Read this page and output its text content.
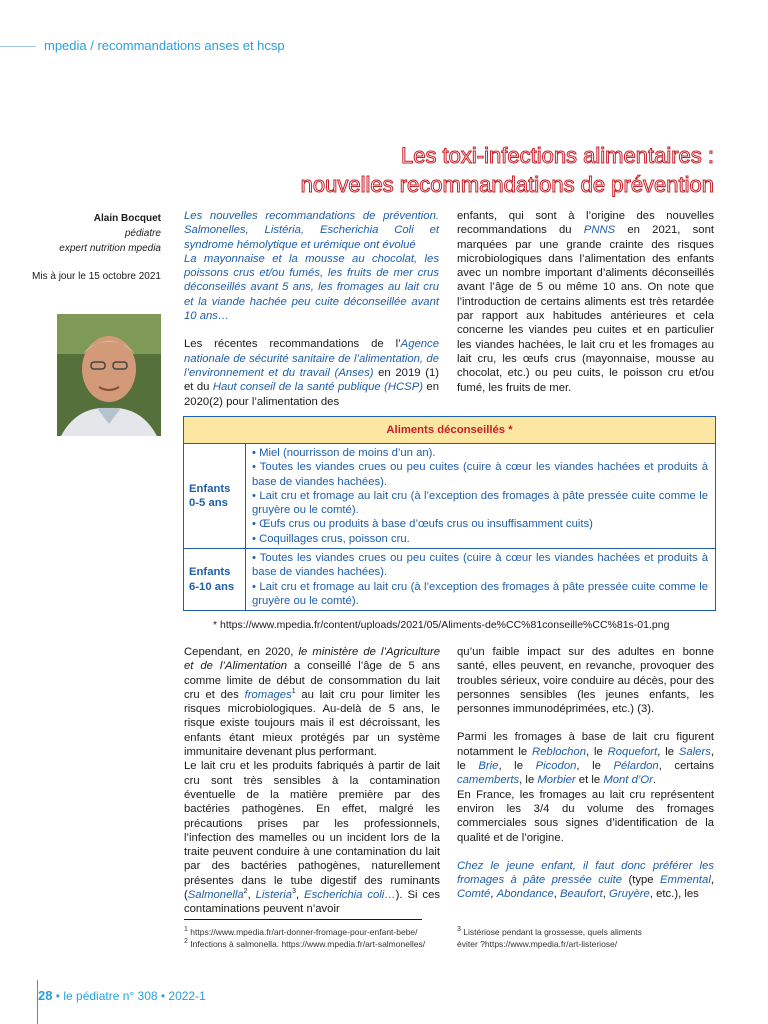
mpedia / recommandations anses et hcsp
Les toxi-infections alimentaires :
nouvelles recommandations de prévention
Alain Bocquet
pédiatre
expert nutrition mpedia
Mis à jour le 15 octobre 2021

Les nouvelles recommandations de prévention. Salmonelles, Listéria, Escherichia Coli et syndrome hémolytique et urémique ont évolué

La mayonnaise et la mousse au chocolat, les poissons crus et/ou fumés, les fruits de mer crus déconseillés avant 5 ans, les fromages au lait cru et la viande hachée peu cuite déconseillée avant 10 ans…

Les récentes recommandations de l’Agence nationale de sécurité sanitaire de l’alimentation, de l’environnement et du travail (Anses) en 2019 (1) et du Haut conseil de la santé publique (HCSP) en 2020(2) pour l’alimentation des

enfants, qui sont à l’origine des nouvelles recommandations du PNNS en 2021, sont marquées par une grande crainte des risques microbiologiques dans l’alimentation des enfants avec un nombre important d’aliments déconseillés avant l’âge de 5 ou même 10 ans. On note que l’introduction de certains aliments est très retardée par rapport aux habitudes antérieures et cela concerne les viandes peu cuites et en particulier les viandes hachées, le lait cru et les fromages au lait cru, les œufs crus (mayonnaise, mousse au chocolat, etc.) ou peu cuits, le poisson cru et/ou fumé, les fruits de mer.

Aliments déconseillés *
Enfants
0-5 ans
• Miel (nourrisson de moins d’un an).
• Toutes les viandes crues ou peu cuites (cuire à cœur les viandes hachées et produits à base de viandes hachées).
• Lait cru et fromage au lait cru (à l’exception des fromages à pâte pressée cuite comme le gruyère ou le comté).
• Œufs crus ou produits à base d’œufs crus ou insuffisamment cuits)
• Coquillages crus, poisson cru.
Enfants
6-10 ans
• Toutes les viandes crues ou peu cuites (cuire à cœur les viandes hachées et produits à base de viandes hachées).
• Lait cru et fromage au lait cru (à l’exception des fromages à pâte pressée cuite comme le gruyère ou le comté).
* https://www.mpedia.fr/content/uploads/2021/05/Aliments-de%CC%81conseille%CC%81s-01.png

Cependant, en 2020, le ministère de l’Agriculture et de l’Alimentation a conseillé l’âge de 5 ans comme limite de début de consommation du lait cru et des fromages$^1$ au lait cru pour limiter les risques microbiologiques. Au-delà de 5 ans, le risque existe toujours mais il est décroissant, les enfants étant mieux protégés par un système immunitaire devenant plus performant.

Le lait cru et les produits fabriqués à partir de lait cru sont très sensibles à la contamination éventuelle de la matière première par des bactéries pathogènes. En effet, malgré les précautions prises par les professionnels, l’infection des mamelles ou un incident lors de la traite peuvent conduire à une contamination du lait par des bactéries pathogènes, naturellement présentes dans le tube digestif des ruminants (Salmonella$^2$, Listeria$^3$, Escherichia coli…). Si ces contaminations peuvent n’avoir

qu’un faible impact sur des adultes en bonne santé, elles peuvent, en revanche, provoquer des troubles sérieux, voire conduire au décès, pour des personnes sensibles (les jeunes enfants, les personnes immunodéprimées, etc.) (3).

Parmi les fromages à base de lait cru figurent notamment le Reblochon, le Roquefort, le Salers, le Brie, le Picodon, le Pélardon, certains camemberts, le Morbier et le Mont d’Or.

En France, les fromages au lait cru représentent environ les 3/4 du volume des fromages commerciales sous signes d’identification de la qualité et de l’origine.

Chez le jeune enfant, il faut donc préférer les fromages à pâte pressée cuite (type Emmental, Comté, Abondance, Beaufort, Gruyère, etc.), les

$^1$ https://www.mpedia.fr/art-donner-fromage-pour-enfant-bebe/
$^2$ Infections à salmonella. https://www.mpedia.fr/art-salmonelles/
$^3$ Listériose pendant la grossesse, quels aliments
éviter ?https://www.mpedia.fr/art-listeriose/
28 • le pédiatre n° 308 • 2022-1
